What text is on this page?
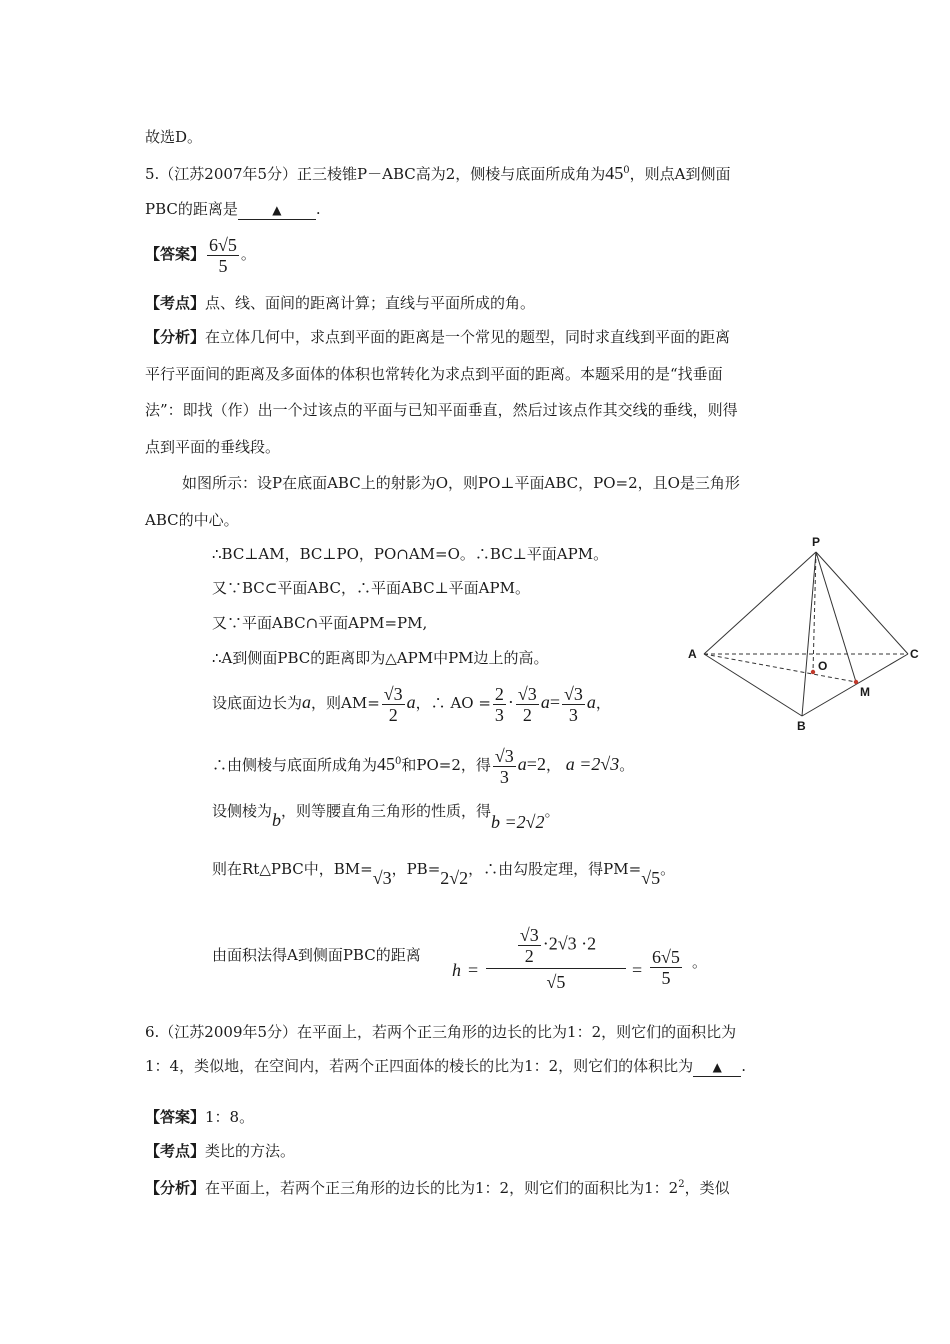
故选D。
5.（江苏2007年5分）正三棱锥P－ABC高为2，侧棱与底面所成角为$45^0$，则点A到侧面
PBC的距离是	▲ .
【答案】 $\frac{6√5}{5}$ 。
【考点】点、线、面间的距离计算；直线与平面所成的角。
【分析】在立体几何中，求点到平面的距离是一个常见的题型，同时求直线到平面的距离
平行平面间的距离及多面体的体积也常转化为求点到平面的距离。本题采用的是“找垂面
法”：即找（作）出一个过该点的平面与已知平面垂直，然后过该点作其交线的垂线，则得
点到平面的垂线段。
如图所示：设P在底面ABC上的射影为O，则PO⊥平面ABC，PO=2，且O是三角形
ABC的中心。
∴BC⊥AM，BC⊥PO，PO∩AM=O。∴BC⊥平面APM。
又∵BC⊂平面ABC，∴平面ABC⊥平面APM。
又∵平面ABC∩平面APM=PM,
∴A到侧面PBC的距离即为△APM中PM边上的高。
设底面边长为a，则$AM= \frac{√3}{2}$ a，∴ AO = $\frac{2}{3} \cdot \frac{√3}{2} a= \frac{√3}{3}$ a，
∴由侧棱与底面所成角为$45^0$和PO=2，得 $\frac{√3}{3} a=2$， a =2√3。
设侧棱为b，则等腰直角三角形的性质，得b =2√2。
则在Rt△PBC中，BM=√3，PB=2√2，∴由勾股定理，得PM=√5。
由面积法得A到侧面PBC的距离
h =
$\frac{√3}{2} \cdot 2√3 \cdot 2$
√5
= $\frac{6√5}{5}$ 。
6.（江苏2009年5分）在平面上，若两个正三角形的边长的比为1：2，则它们的面积比为
1：4，类似地，在空间内，若两个正四面体的棱长的比为1：2，则它们的体积比为 ▲ .
【答案】1：8。
【考点】类比的方法。
【分析】在平面上，若两个正三角形的边长的比为1：2，则它们的面积比为1：$2^2$，类似
P
A
B
C
O
M
